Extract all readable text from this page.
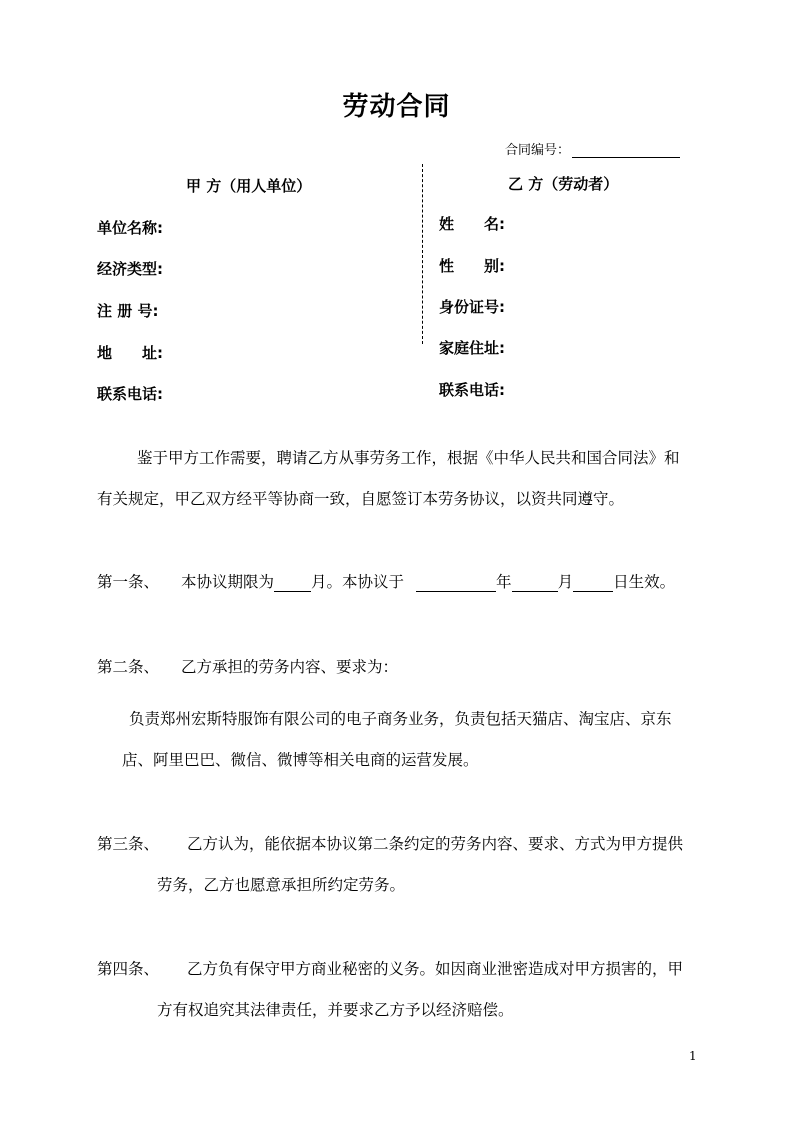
劳动合同
合同编号：
甲 方（用人单位）
单位名称:
经济类型:
注 册 号:
地　　址:
联系电话:
乙 方（劳动者）
姓　　名:
性　　别:
身份证号:
家庭住址:
联系电话:
鉴于甲方工作需要，聘请乙方从事劳务工作，根据《中华人民共和国合同法》和
有关规定，甲乙双方经平等协商一致，自愿签订本劳务协议，以资共同遵守。
第一条、 本协议期限为 月。本协议于	年	月	日生效。
第二条、 乙方承担的劳务内容、要求为：
负责郑州宏斯特服饰有限公司的电子商务业务，负责包括天猫店、淘宝店、京东
店、阿里巴巴、微信、微博等相关电商的运营发展。
第三条、 乙方认为，能依据本协议第二条约定的劳务内容、要求、方式为甲方提供
劳务，乙方也愿意承担所约定劳务。
第四条、 乙方负有保守甲方商业秘密的义务。如因商业泄密造成对甲方损害的，甲
方有权追究其法律责任，并要求乙方予以经济赔偿。
1
